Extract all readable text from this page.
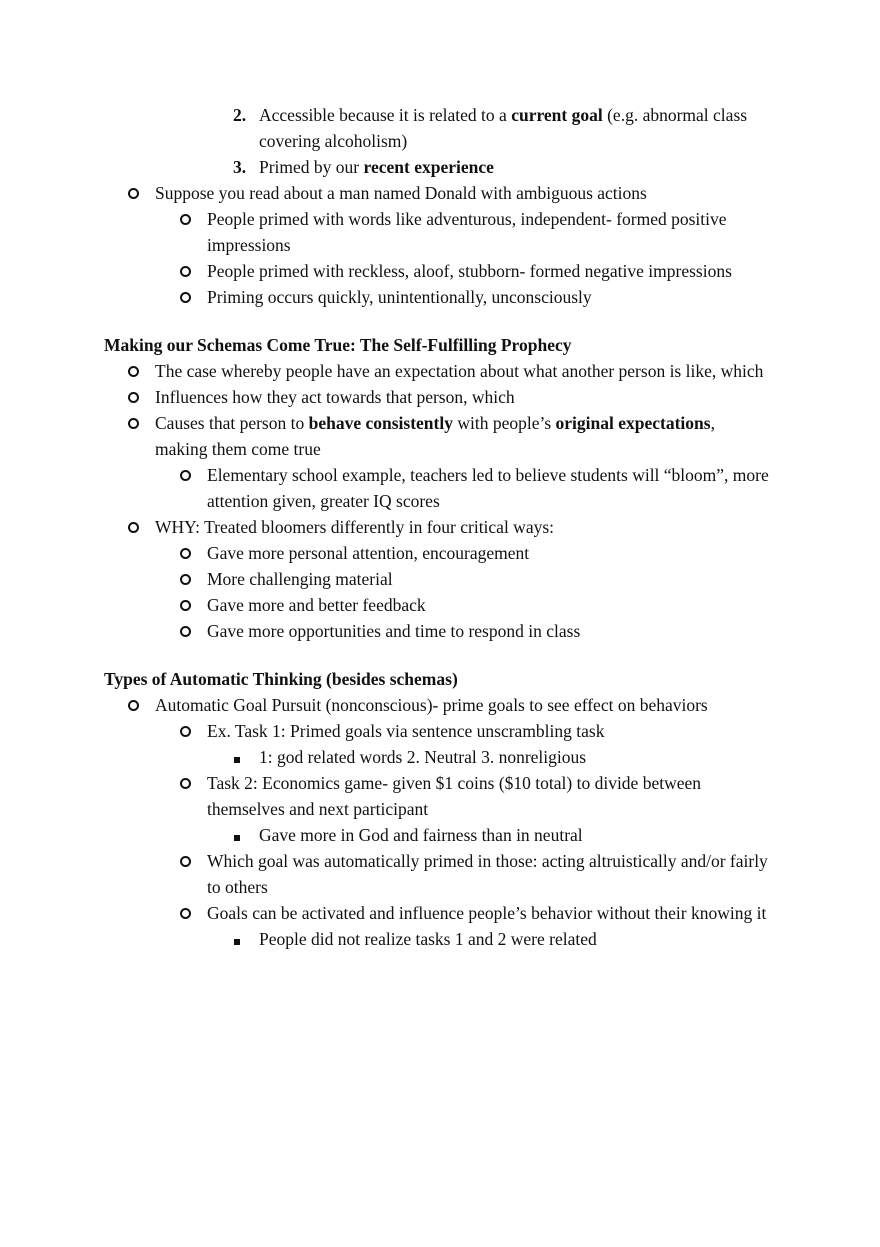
2. Accessible because it is related to a current goal (e.g. abnormal class covering alcoholism)
3. Primed by our recent experience
Suppose you read about a man named Donald with ambiguous actions
People primed with words like adventurous, independent- formed positive impressions
People primed with reckless, aloof, stubborn- formed negative impressions
Priming occurs quickly, unintentionally, unconsciously
Making our Schemas Come True: The Self-Fulfilling Prophecy
The case whereby people have an expectation about what another person is like, which
Influences how they act towards that person, which
Causes that person to behave consistently with people’s original expectations, making them come true
Elementary school example, teachers led to believe students will “bloom”, more attention given, greater IQ scores
WHY: Treated bloomers differently in four critical ways:
Gave more personal attention, encouragement
More challenging material
Gave more and better feedback
Gave more opportunities and time to respond in class
Types of Automatic Thinking (besides schemas)
Automatic Goal Pursuit (nonconscious)- prime goals to see effect on behaviors
Ex. Task 1: Primed goals via sentence unscrambling task
1: god related words 2. Neutral 3. nonreligious
Task 2: Economics game- given $1 coins ($10 total) to divide between themselves and next participant
Gave more in God and fairness than in neutral
Which goal was automatically primed in those: acting altruistically and/or fairly to others
Goals can be activated and influence people’s behavior without their knowing it
People did not realize tasks 1 and 2 were related
